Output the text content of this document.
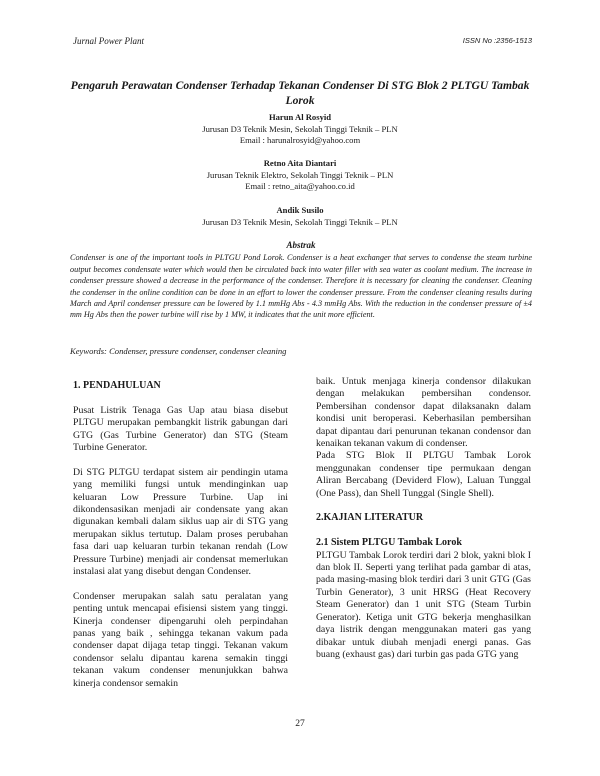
Jurnal Power Plant	ISSN No :2356-1513
Pengaruh Perawatan Condenser Terhadap Tekanan Condenser Di STG Blok 2 PLTGU Tambak Lorok
Harun Al Rosyid
Jurusan D3 Teknik Mesin, Sekolah Tinggi Teknik – PLN
Email : harunalrosyid@yahoo.com
Retno Aita Diantari
Jurusan Teknik Elektro, Sekolah Tinggi Teknik – PLN
Email : retno_aita@yahoo.co.id
Andik Susilo
Jurusan D3 Teknik Mesin, Sekolah Tinggi Teknik – PLN
Abstrak
Condenser is one of the important tools in PLTGU Pond Lorok. Condenser is a heat exchanger that serves to condense the steam turbine output becomes condensate water which would then be circulated back into water filler with sea water as coolant medium. The increase in condenser pressure showed a decrease in the performance of the condenser. Therefore it is necessary for cleaning the condenser. Cleaning the condenser in the online condition can be done in an effort to lower the condenser pressure. From the condenser cleaning results during March and April condenser pressure can be lowered by 1.1 mmHg Abs - 4.3 mmHg Abs. With the reduction in the condenser pressure of ±4 mm Hg Abs then the power turbine will rise by 1 MW, it indicates that the unit more efficient.
Keywords: Condenser, pressure condenser, condenser cleaning

1. PENDAHULUAN

Pusat Listrik Tenaga Gas Uap atau biasa disebut PLTGU merupakan pembangkit listrik gabungan dari GTG (Gas Turbine Generator) dan STG (Steam Turbine Generator.

Di STG PLTGU terdapat sistem air pendingin utama yang memiliki fungsi untuk mendinginkan uap keluaran Low Pressure Turbine. Uap ini dikondensasikan menjadi air condensate yang akan digunakan kembali dalam siklus uap air di STG yang merupakan siklus tertutup. Dalam proses perubahan fasa dari uap keluaran turbin tekanan rendah (Low Pressure Turbine) menjadi air condensat memerlukan instalasi alat yang disebut dengan Condenser.

Condenser merupakan salah satu peralatan yang penting untuk mencapai efisiensi sistem yang tinggi. Kinerja condenser dipengaruhi oleh perpindahan panas yang baik , sehingga tekanan vakum pada condenser dapat dijaga tetap tinggi. Tekanan vakum condensor selalu dipantau karena semakin tinggi tekanan vakum condenser menunjukkan bahwa kinerja condensor semakin

baik. Untuk menjaga kinerja condensor dilakukan dengan melakukan pembersihan condensor. Pembersihan condensor dapat dilaksanakn dalam kondisi unit beroperasi. Keberhasilan pembersihan dapat dipantau dari penurunan tekanan condensor dan kenaikan tekanan vakum di condenser.

Pada STG Blok II PLTGU Tambak Lorok menggunakan condenser tipe permukaan dengan Aliran Bercabang (Deviderd Flow), Laluan Tunggal (One Pass), dan Shell Tunggal (Single Shell).

2.KAJIAN LITERATUR

2.1 Sistem PLTGU Tambak Lorok

PLTGU Tambak Lorok terdiri dari 2 blok, yakni blok I dan blok II. Seperti yang terlihat pada gambar di atas, pada masing-masing blok terdiri dari 3 unit GTG (Gas Turbin Generator), 3 unit HRSG (Heat Recovery Steam Generator) dan 1 unit STG (Steam Turbin Generator). Ketiga unit GTG bekerja menghasilkan daya listrik dengan menggunakan materi gas yang dibakar untuk diubah menjadi energi panas. Gas buang (exhaust gas) dari turbin gas pada GTG yang

27
